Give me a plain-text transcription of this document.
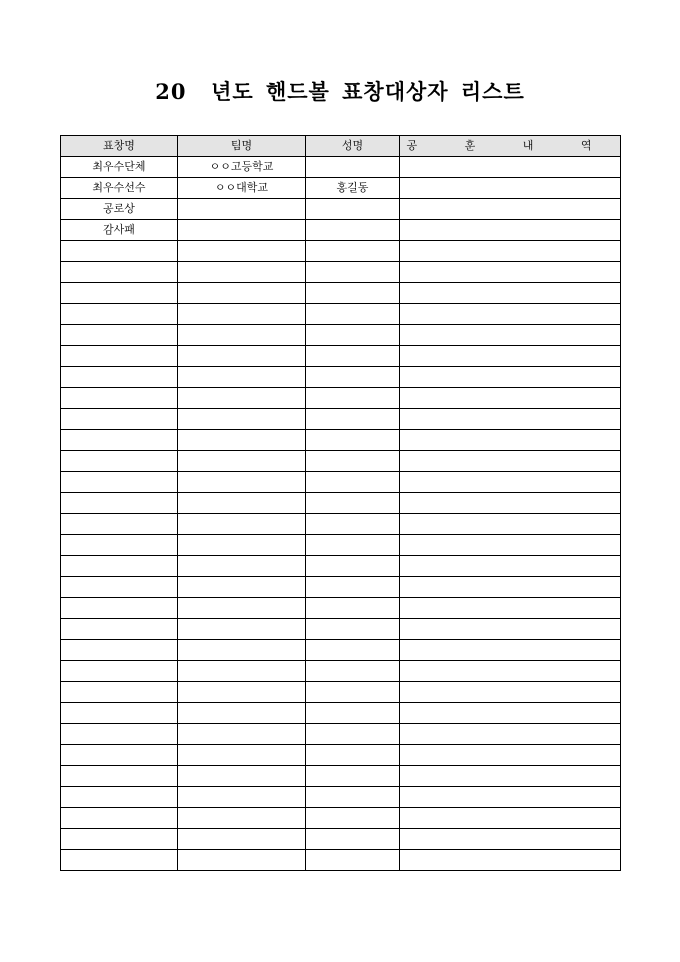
20  년도 핸드볼 표창대상자 리스트
표창명	팀명	성명	공 훈 내 역
최우수단체	ㅇㅇ고등학교		
최우수선수	ㅇㅇ대학교	홍길동	
공로상			
감사패			
